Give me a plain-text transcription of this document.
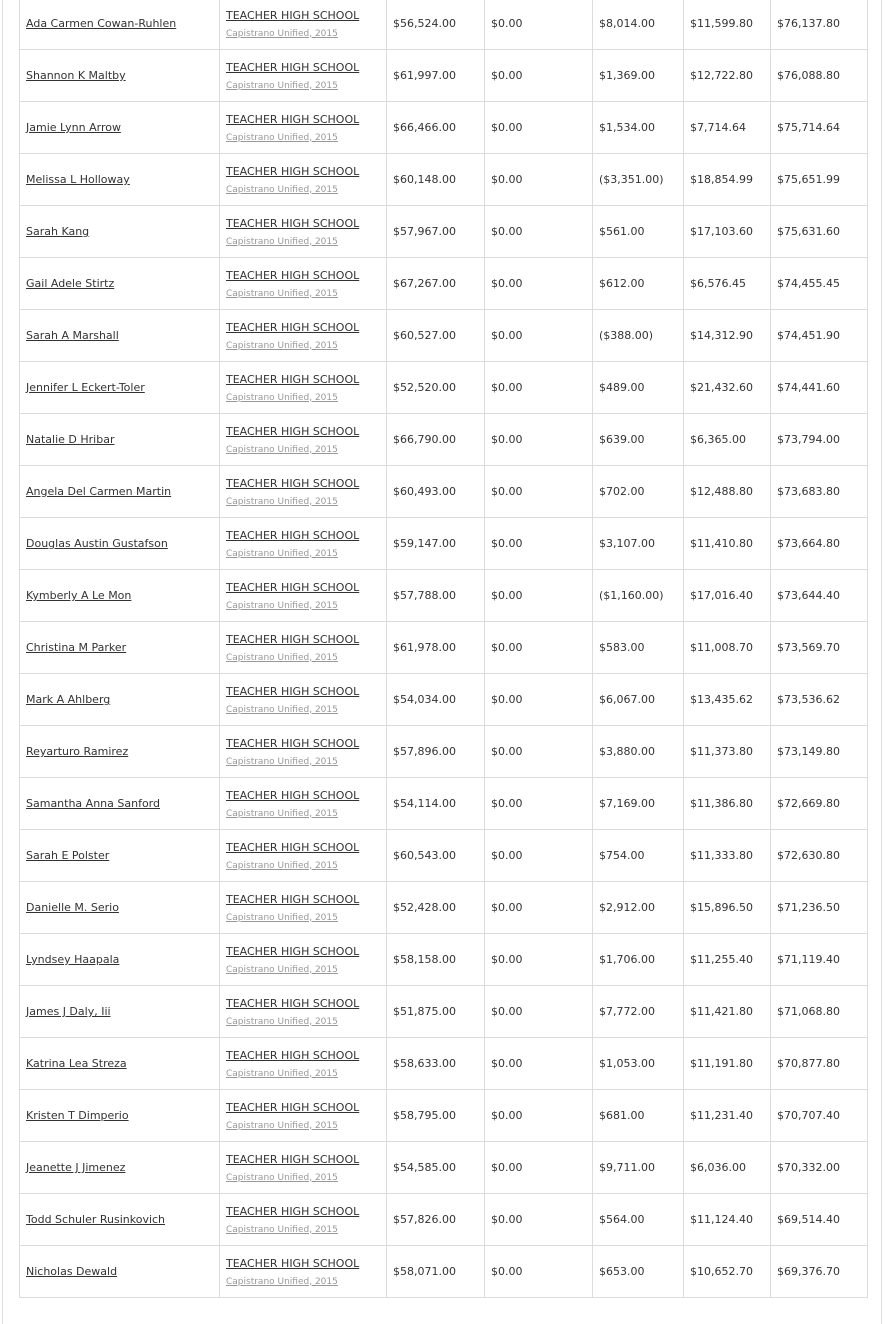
Ada Carmen Cowan-Ruhlen	TEACHER HIGH SCHOOL
Capistrano Unified, 2015	$56,524.00	$0.00	$8,014.00	$11,599.80	$76,137.80
Shannon K Maltby	TEACHER HIGH SCHOOL
Capistrano Unified, 2015	$61,997.00	$0.00	$1,369.00	$12,722.80	$76,088.80
Jamie Lynn Arrow	TEACHER HIGH SCHOOL
Capistrano Unified, 2015	$66,466.00	$0.00	$1,534.00	$7,714.64	$75,714.64
Melissa L Holloway	TEACHER HIGH SCHOOL
Capistrano Unified, 2015	$60,148.00	$0.00	($3,351.00)	$18,854.99	$75,651.99
Sarah Kang	TEACHER HIGH SCHOOL
Capistrano Unified, 2015	$57,967.00	$0.00	$561.00	$17,103.60	$75,631.60
Gail Adele Stirtz	TEACHER HIGH SCHOOL
Capistrano Unified, 2015	$67,267.00	$0.00	$612.00	$6,576.45	$74,455.45
Sarah A Marshall	TEACHER HIGH SCHOOL
Capistrano Unified, 2015	$60,527.00	$0.00	($388.00)	$14,312.90	$74,451.90
Jennifer L Eckert-Toler	TEACHER HIGH SCHOOL
Capistrano Unified, 2015	$52,520.00	$0.00	$489.00	$21,432.60	$74,441.60
Natalie D Hribar	TEACHER HIGH SCHOOL
Capistrano Unified, 2015	$66,790.00	$0.00	$639.00	$6,365.00	$73,794.00
Angela Del Carmen Martin	TEACHER HIGH SCHOOL
Capistrano Unified, 2015	$60,493.00	$0.00	$702.00	$12,488.80	$73,683.80
Douglas Austin Gustafson	TEACHER HIGH SCHOOL
Capistrano Unified, 2015	$59,147.00	$0.00	$3,107.00	$11,410.80	$73,664.80
Kymberly A Le Mon	TEACHER HIGH SCHOOL
Capistrano Unified, 2015	$57,788.00	$0.00	($1,160.00)	$17,016.40	$73,644.40
Christina M Parker	TEACHER HIGH SCHOOL
Capistrano Unified, 2015	$61,978.00	$0.00	$583.00	$11,008.70	$73,569.70
Mark A Ahlberg	TEACHER HIGH SCHOOL
Capistrano Unified, 2015	$54,034.00	$0.00	$6,067.00	$13,435.62	$73,536.62
Reyarturo Ramirez	TEACHER HIGH SCHOOL
Capistrano Unified, 2015	$57,896.00	$0.00	$3,880.00	$11,373.80	$73,149.80
Samantha Anna Sanford	TEACHER HIGH SCHOOL
Capistrano Unified, 2015	$54,114.00	$0.00	$7,169.00	$11,386.80	$72,669.80
Sarah E Polster	TEACHER HIGH SCHOOL
Capistrano Unified, 2015	$60,543.00	$0.00	$754.00	$11,333.80	$72,630.80
Danielle M. Serio	TEACHER HIGH SCHOOL
Capistrano Unified, 2015	$52,428.00	$0.00	$2,912.00	$15,896.50	$71,236.50
Lyndsey Haapala	TEACHER HIGH SCHOOL
Capistrano Unified, 2015	$58,158.00	$0.00	$1,706.00	$11,255.40	$71,119.40
James J Daly, Iii	TEACHER HIGH SCHOOL
Capistrano Unified, 2015	$51,875.00	$0.00	$7,772.00	$11,421.80	$71,068.80
Katrina Lea Streza	TEACHER HIGH SCHOOL
Capistrano Unified, 2015	$58,633.00	$0.00	$1,053.00	$11,191.80	$70,877.80
Kristen T Dimperio	TEACHER HIGH SCHOOL
Capistrano Unified, 2015	$58,795.00	$0.00	$681.00	$11,231.40	$70,707.40
Jeanette J Jimenez	TEACHER HIGH SCHOOL
Capistrano Unified, 2015	$54,585.00	$0.00	$9,711.00	$6,036.00	$70,332.00
Todd Schuler Rusinkovich	TEACHER HIGH SCHOOL
Capistrano Unified, 2015	$57,826.00	$0.00	$564.00	$11,124.40	$69,514.40
Nicholas Dewald	TEACHER HIGH SCHOOL
Capistrano Unified, 2015	$58,071.00	$0.00	$653.00	$10,652.70	$69,376.70
